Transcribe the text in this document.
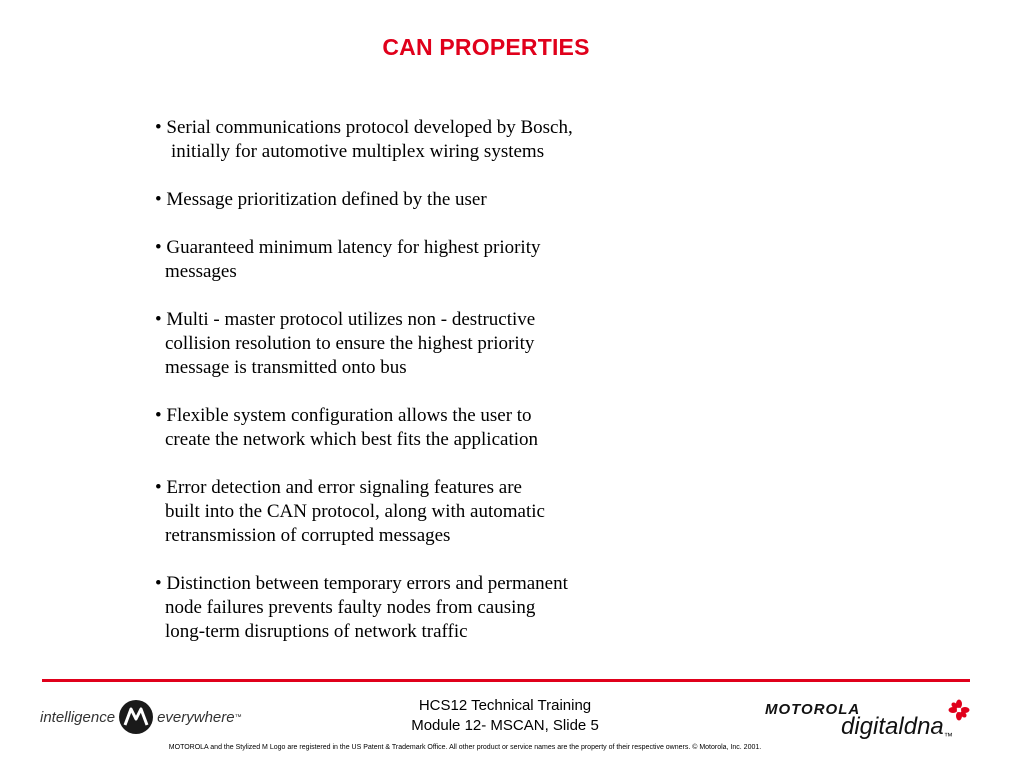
CAN PROPERTIES
• Serial communications protocol developed by Bosch,
initially for automotive multiplex wiring systems
• Message prioritization defined by the user
• Guaranteed minimum latency for highest priority
messages
• Multi - master protocol utilizes non - destructive
collision resolution to ensure the highest priority
message is transmitted onto bus
• Flexible system configuration allows the user to
create the network which best fits the application
• Error detection and error signaling features are
built into the CAN protocol, along with automatic
retransmission of corrupted messages
• Distinction between temporary errors and permanent
node failures prevents faulty nodes from causing
long-term disruptions of network traffic
intelligence	everywhere ™
HCS12 Technical Training
Module 12- MSCAN, Slide 5
MOTOROLA
digitaldna™
MOTOROLA and the Stylized M Logo are registered in the US Patent & Trademark Office. All other product or service names are the property of their respective owners. © Motorola, Inc. 2001.
